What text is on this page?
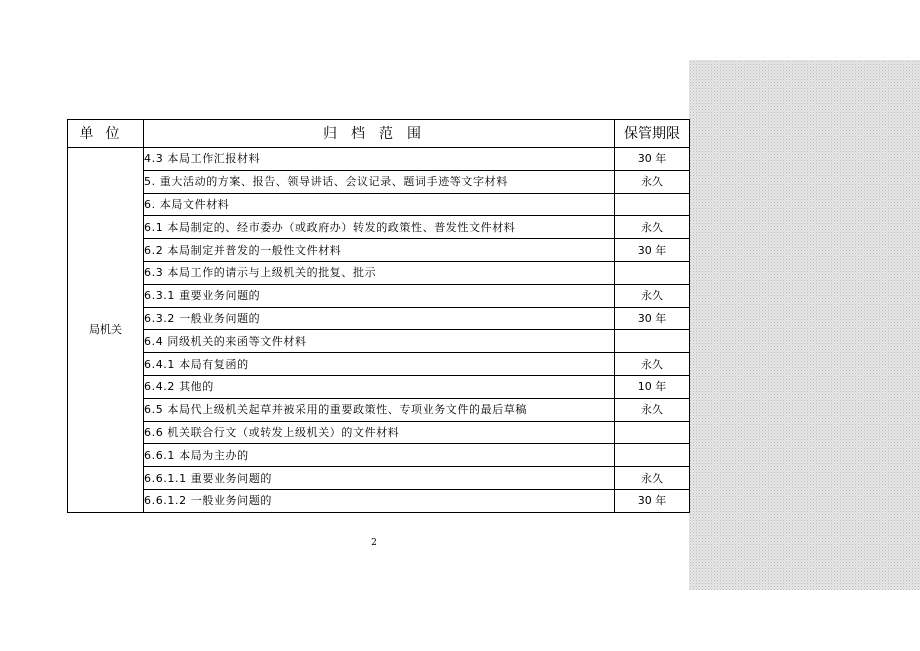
单位	归档范围	保管期限
局机关	4.3 本局工作汇报材料	30 年
	5. 重大活动的方案、报告、领导讲话、会议记录、题词手迹等文字材料	永久
	6. 本局文件材料	
	6.1 本局制定的、经市委办（或政府办）转发的政策性、普发性文件材料	永久
	6.2 本局制定并普发的一般性文件材料	30 年
	6.3 本局工作的请示与上级机关的批复、批示	
	6.3.1 重要业务问题的	永久
	6.3.2 一般业务问题的	30 年
	6.4 同级机关的来函等文件材料	
	6.4.1 本局有复函的	永久
	6.4.2 其他的	10 年
	6.5 本局代上级机关起草并被采用的重要政策性、专项业务文件的最后草稿	永久
	6.6 机关联合行文（或转发上级机关）的文件材料	
	6.6.1 本局为主办的	
	6.6.1.1 重要业务问题的	永久
	6.6.1.2 一般业务问题的	30 年
2
